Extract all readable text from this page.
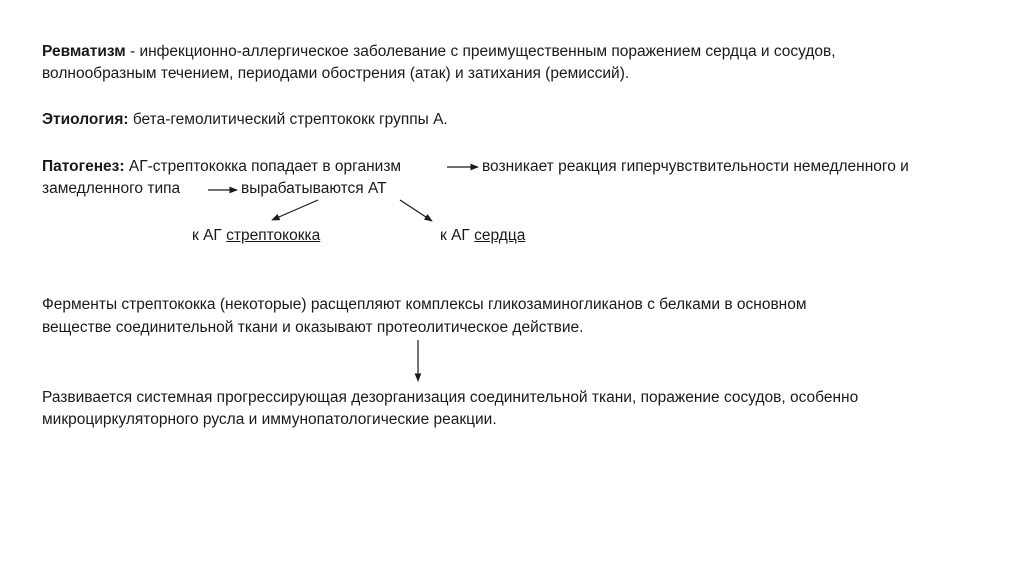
Ревматизм - инфекционно-аллергическое заболевание с преимущественным поражением сердца и сосудов,
волнообразным течением, периодами обострения (атак) и затихания (ремиссий).
Этиология: бета-гемолитический стрептококк группы А.
Патогенез: АГ-стрептококка попадает в организм	возникает реакция гиперчувствительности немедленного и
замедленного типа	вырабатываются АТ
к АГ стрептококка	к АГ сердца
Ферменты стрептококка (некоторые) расщепляют комплексы гликозаминогликанов с белками в основном
веществе соединительной ткани и оказывают протеолитическое действие.
Развивается системная прогрессирующая дезорганизация соединительной ткани, поражение сосудов, особенно
микроциркуляторного русла и иммунопатологические реакции.
